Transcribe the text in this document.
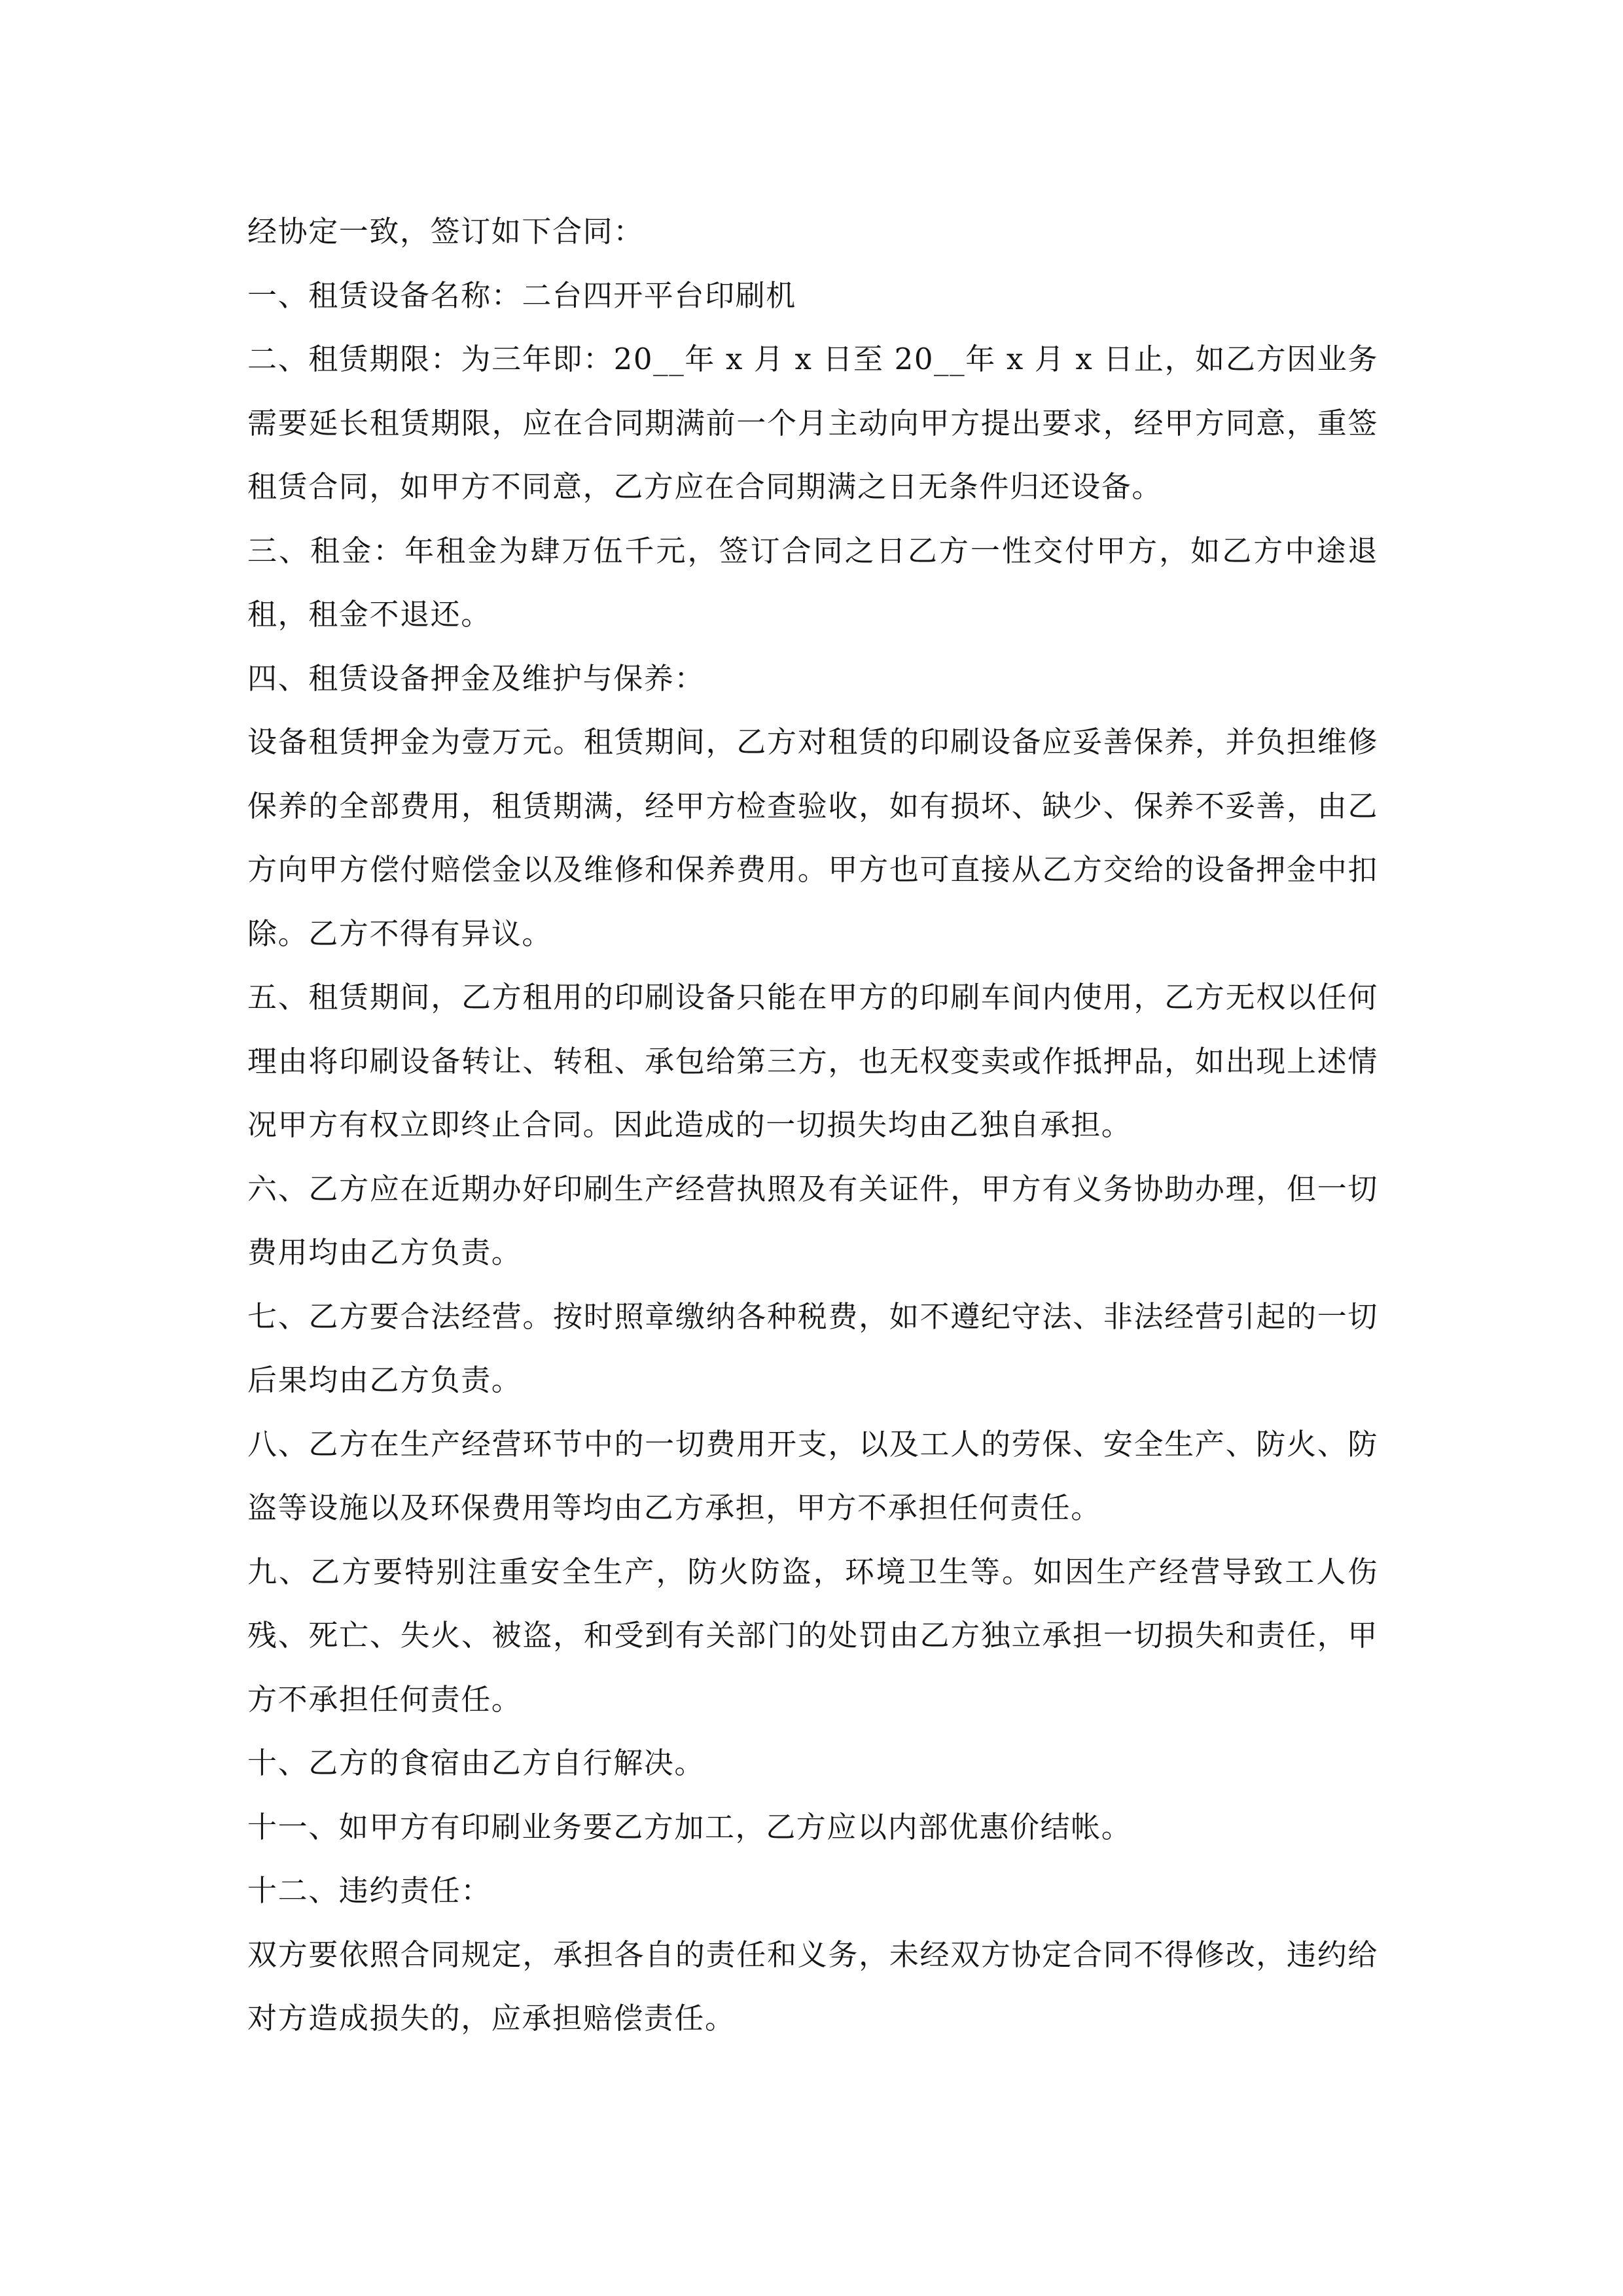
经协定一致，签订如下合同：

一、租赁设备名称：二台四开平台印刷机

二、租赁期限：为三年即：20__年 x 月 x 日至 20__年 x 月 x 日止，如乙方因业务需要延长租赁期限，应在合同期满前一个月主动向甲方提出要求，经甲方同意，重签租赁合同，如甲方不同意，乙方应在合同期满之日无条件归还设备。

三、租金：年租金为肆万伍千元，签订合同之日乙方一性交付甲方，如乙方中途退租，租金不退还。

四、租赁设备押金及维护与保养：

设备租赁押金为壹万元。租赁期间，乙方对租赁的印刷设备应妥善保养，并负担维修保养的全部费用，租赁期满，经甲方检查验收，如有损坏、缺少、保养不妥善，由乙方向甲方偿付赔偿金以及维修和保养费用。甲方也可直接从乙方交给的设备押金中扣除。乙方不得有异议。

五、租赁期间，乙方租用的印刷设备只能在甲方的印刷车间内使用，乙方无权以任何理由将印刷设备转让、转租、承包给第三方，也无权变卖或作抵押品，如出现上述情况甲方有权立即终止合同。因此造成的一切损失均由乙独自承担。

六、乙方应在近期办好印刷生产经营执照及有关证件，甲方有义务协助办理，但一切费用均由乙方负责。

七、乙方要合法经营。按时照章缴纳各种税费，如不遵纪守法、非法经营引起的一切后果均由乙方负责。

八、乙方在生产经营环节中的一切费用开支，以及工人的劳保、安全生产、防火、防盗等设施以及环保费用等均由乙方承担，甲方不承担任何责任。

九、乙方要特别注重安全生产，防火防盗，环境卫生等。如因生产经营导致工人伤残、死亡、失火、被盗，和受到有关部门的处罚由乙方独立承担一切损失和责任，甲方不承担任何责任。

十、乙方的食宿由乙方自行解决。

十一、如甲方有印刷业务要乙方加工，乙方应以内部优惠价结帐。

十二、违约责任：

双方要依照合同规定，承担各自的责任和义务，未经双方协定合同不得修改，违约给对方造成损失的，应承担赔偿责任。
